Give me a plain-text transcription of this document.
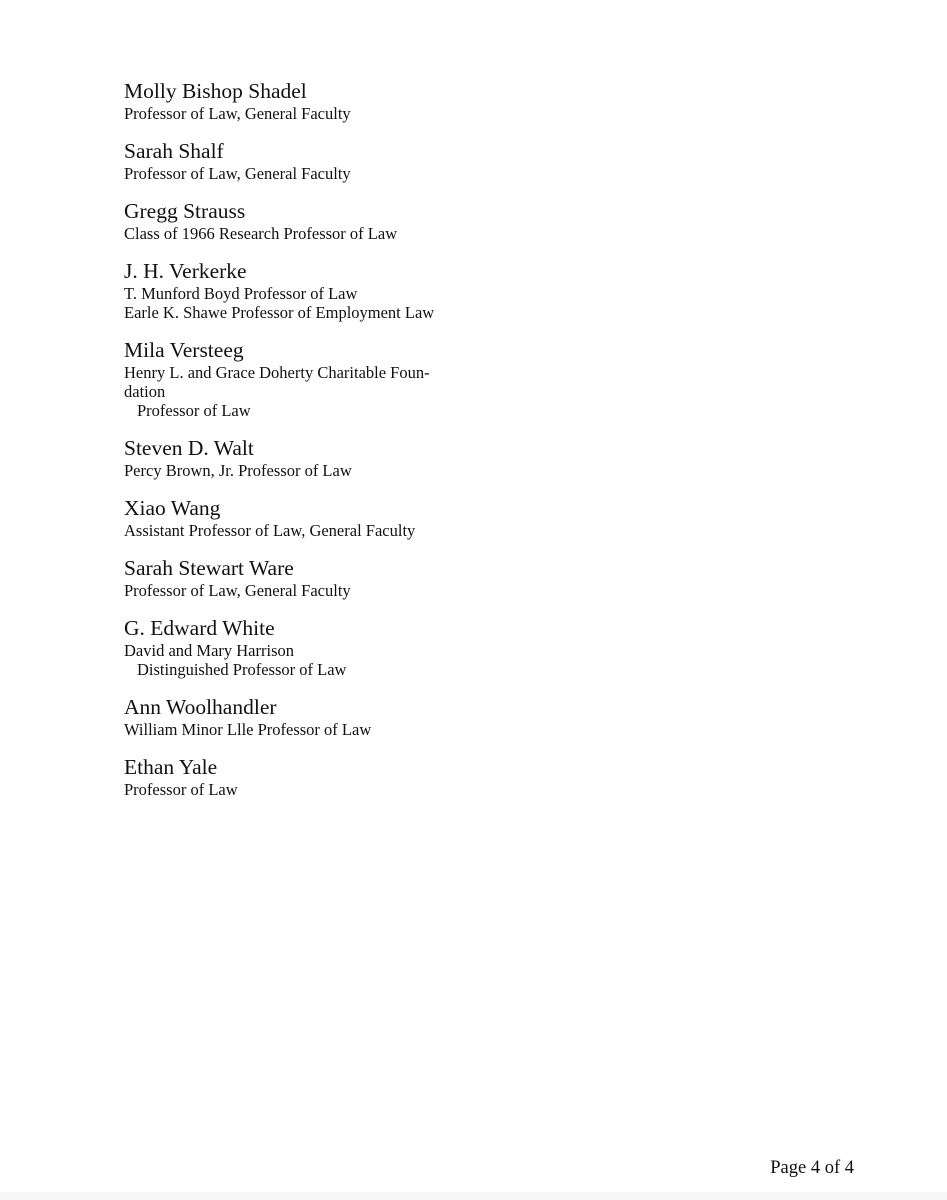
Molly Bishop Shadel
Professor of Law, General Faculty
Sarah Shalf
Professor of Law, General Faculty
Gregg Strauss
Class of 1966 Research Professor of Law
J. H. Verkerke
T. Munford Boyd Professor of Law
Earle K. Shawe Professor of Employment Law
Mila Versteeg
Henry L. and Grace Doherty Charitable Foun-
dation
Professor of Law
Steven D. Walt
Percy Brown, Jr. Professor of Law
Xiao Wang
Assistant Professor of Law, General Faculty
Sarah Stewart Ware
Professor of Law, General Faculty
G. Edward White
David and Mary Harrison
Distinguished Professor of Law
Ann Woolhandler
William Minor Llle Professor of Law
Ethan Yale
Professor of Law
Page 4 of 4
